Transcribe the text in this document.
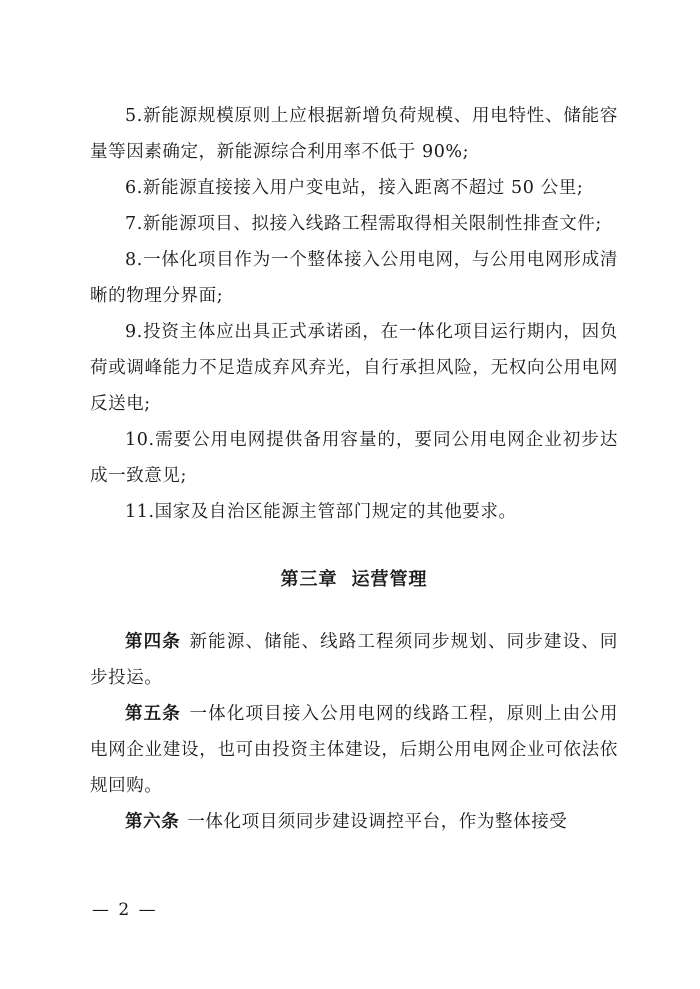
5.新能源规模原则上应根据新增负荷规模、用电特性、储能容量等因素确定，新能源综合利用率不低于 90%;

6.新能源直接接入用户变电站，接入距离不超过 50 公里;

7.新能源项目、拟接入线路工程需取得相关限制性排查文件;

8.一体化项目作为一个整体接入公用电网，与公用电网形成清晰的物理分界面;

9.投资主体应出具正式承诺函，在一体化项目运行期内，因负荷或调峰能力不足造成弃风弃光，自行承担风险，无权向公用电网反送电;

10.需要公用电网提供备用容量的，要同公用电网企业初步达成一致意见;

11.国家及自治区能源主管部门规定的其他要求。

第三章 运营管理

第四条 新能源、储能、线路工程须同步规划、同步建设、同步投运。

第五条 一体化项目接入公用电网的线路工程，原则上由公用电网企业建设，也可由投资主体建设，后期公用电网企业可依法依规回购。

第六条 一体化项目须同步建设调控平台，作为整体接受

— 2 —
